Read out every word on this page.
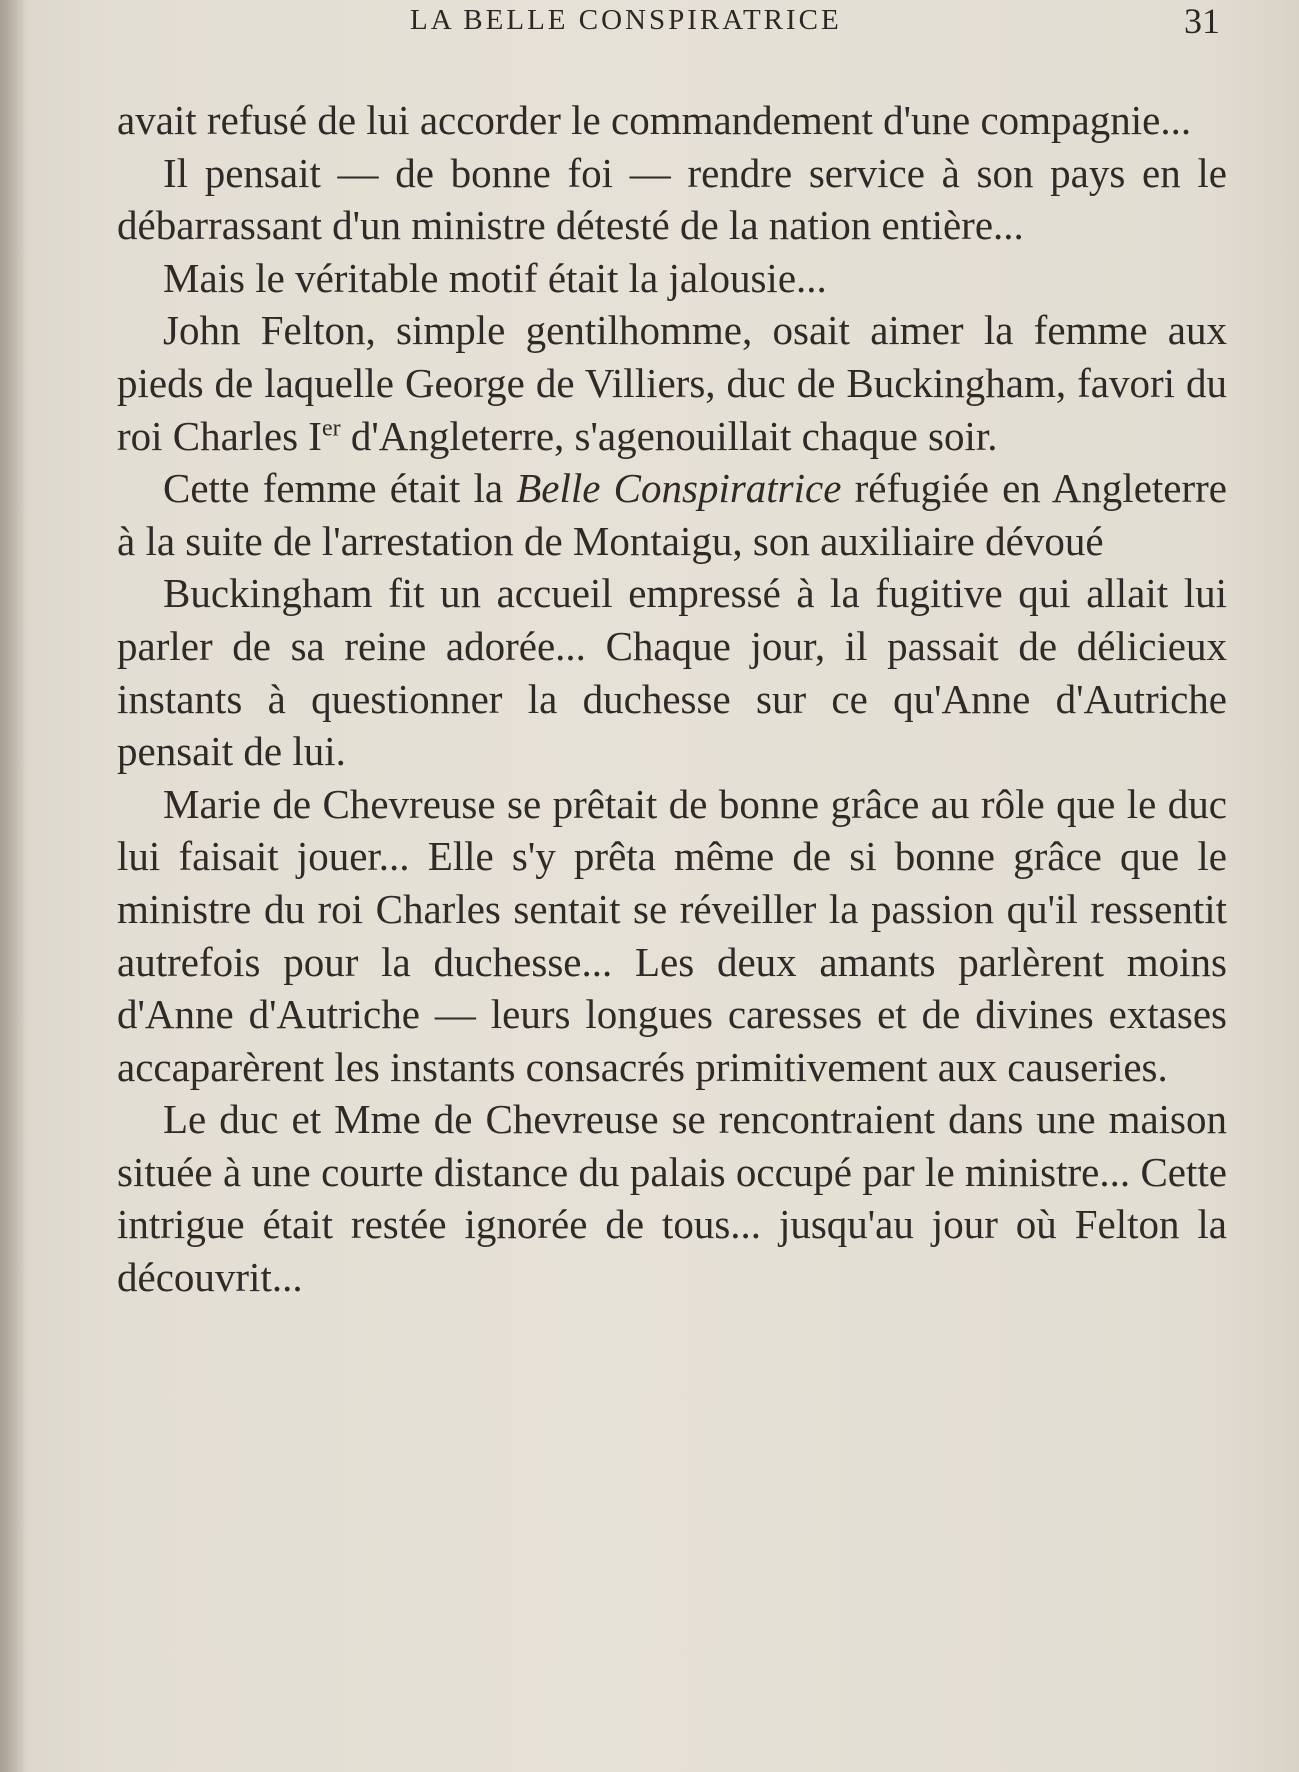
LA BELLE CONSPIRATRICE	31

avait refusé de lui accorder le commandement d'une compagnie...

Il pensait — de bonne foi — rendre service à son pays en le débarrassant d'un ministre détesté de la nation entière...

Mais le véritable motif était la jalousie...

John Felton, simple gentilhomme, osait aimer la femme aux pieds de laquelle George de Villiers, duc de Buckingham, favori du roi Charles Ier d'Angleterre, s'agenouillait chaque soir.

Cette femme était la Belle Conspiratrice réfugiée en Angleterre à la suite de l'arrestation de Montaigu, son auxiliaire dévoué

Buckingham fit un accueil empressé à la fugitive qui allait lui parler de sa reine adorée... Chaque jour, il passait de délicieux instants à questionner la duchesse sur ce qu'Anne d'Autriche pensait de lui.

Marie de Chevreuse se prêtait de bonne grâce au rôle que le duc lui faisait jouer... Elle s'y prêta même de si bonne grâce que le ministre du roi Charles sentait se réveiller la passion qu'il ressentit autrefois pour la duchesse... Les deux amants parlèrent moins d'Anne d'Autriche — leurs longues caresses et de divines extases accaparèrent les instants consacrés primitivement aux causeries.

Le duc et Mme de Chevreuse se rencontraient dans une maison située à une courte distance du palais occupé par le ministre... Cette intrigue était restée ignorée de tous... jusqu'au jour où Felton la découvrit...
